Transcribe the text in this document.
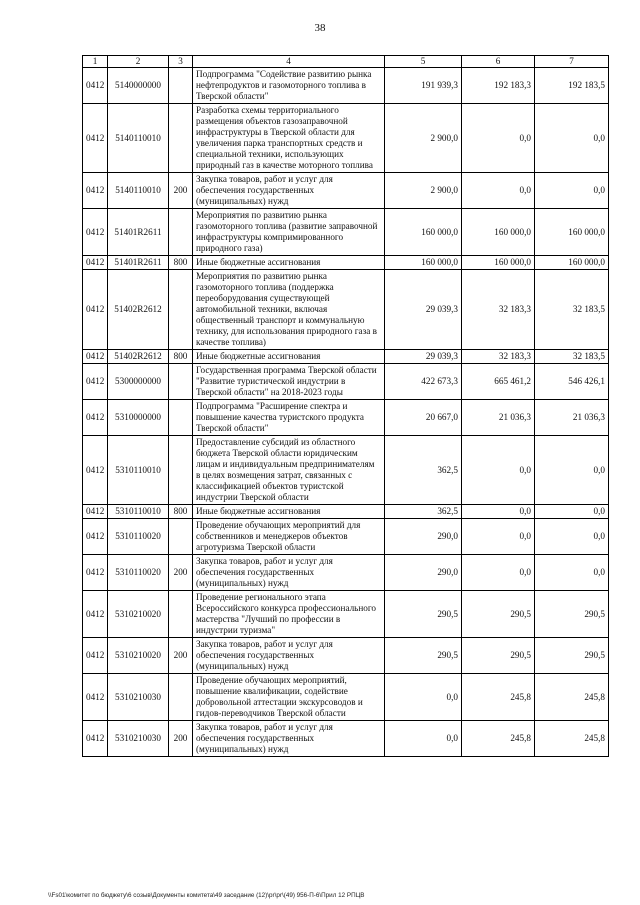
38
1	2	3	4	5	6	7
0412	5140000000		Подпрограмма "Содействие развитию рынка нефтепродуктов и газомоторного топлива в Тверской области"	191 939,3	192 183,3	192 183,5
0412	5140110010		Разработка схемы территориального размещения объектов газозаправочной инфраструктуры в Тверской области для увеличения парка транспортных средств и специальной техники, использующих природный газ в качестве моторного топлива	2 900,0	0,0	0,0
0412	5140110010	200	Закупка товаров, работ и услуг для обеспечения государственных (муниципальных) нужд	2 900,0	0,0	0,0
0412	51401R2611		Мероприятия по развитию рынка газомоторного топлива (развитие заправочной инфраструктуры компримированного природного газа)	160 000,0	160 000,0	160 000,0
0412	51401R2611	800	Иные бюджетные ассигнования	160 000,0	160 000,0	160 000,0
0412	51402R2612		Мероприятия по развитию рынка газомоторного топлива (поддержка переоборудования существующей автомобильной техники, включая общественный транспорт и коммунальную технику, для использования природного газа в качестве топлива)	29 039,3	32 183,3	32 183,5
0412	51402R2612	800	Иные бюджетные ассигнования	29 039,3	32 183,3	32 183,5
0412	5300000000		Государственная программа Тверской области "Развитие туристической индустрии в Тверской области" на 2018-2023 годы	422 673,3	665 461,2	546 426,1
0412	5310000000		Подпрограмма "Расширение спектра и повышение качества туристского продукта Тверской области"	20 667,0	21 036,3	21 036,3
0412	5310110010		Предоставление субсидий из областного бюджета Тверской области юридическим лицам и индивидуальным предпринимателям в целях возмещения затрат, связанных с классификацией объектов туристской индустрии Тверской области	362,5	0,0	0,0
0412	5310110010	800	Иные бюджетные ассигнования	362,5	0,0	0,0
0412	5310110020		Проведение обучающих мероприятий для собственников и менеджеров объектов агротуризма Тверской области	290,0	0,0	0,0
0412	5310110020	200	Закупка товаров, работ и услуг для обеспечения государственных (муниципальных) нужд	290,0	0,0	0,0
0412	5310210020		Проведение регионального этапа Всероссийского конкурса профессионального мастерства "Лучший по профессии в индустрии туризма"	290,5	290,5	290,5
0412	5310210020	200	Закупка товаров, работ и услуг для обеспечения государственных (муниципальных) нужд	290,5	290,5	290,5
0412	5310210030		Проведение обучающих мероприятий, повышение квалификации, содействие добровольной аттестации экскурсоводов и гидов-переводчиков Тверской области	0,0	245,8	245,8
0412	5310210030	200	Закупка товаров, работ и услуг для обеспечения государственных (муниципальных) нужд	0,0	245,8	245,8
\\Fs01\комитет по бюджету\6 созыв\Документы комитета\49 заседание (12)\pr\pr\(49) 956-П-6\Прил 12 РПЦВ
